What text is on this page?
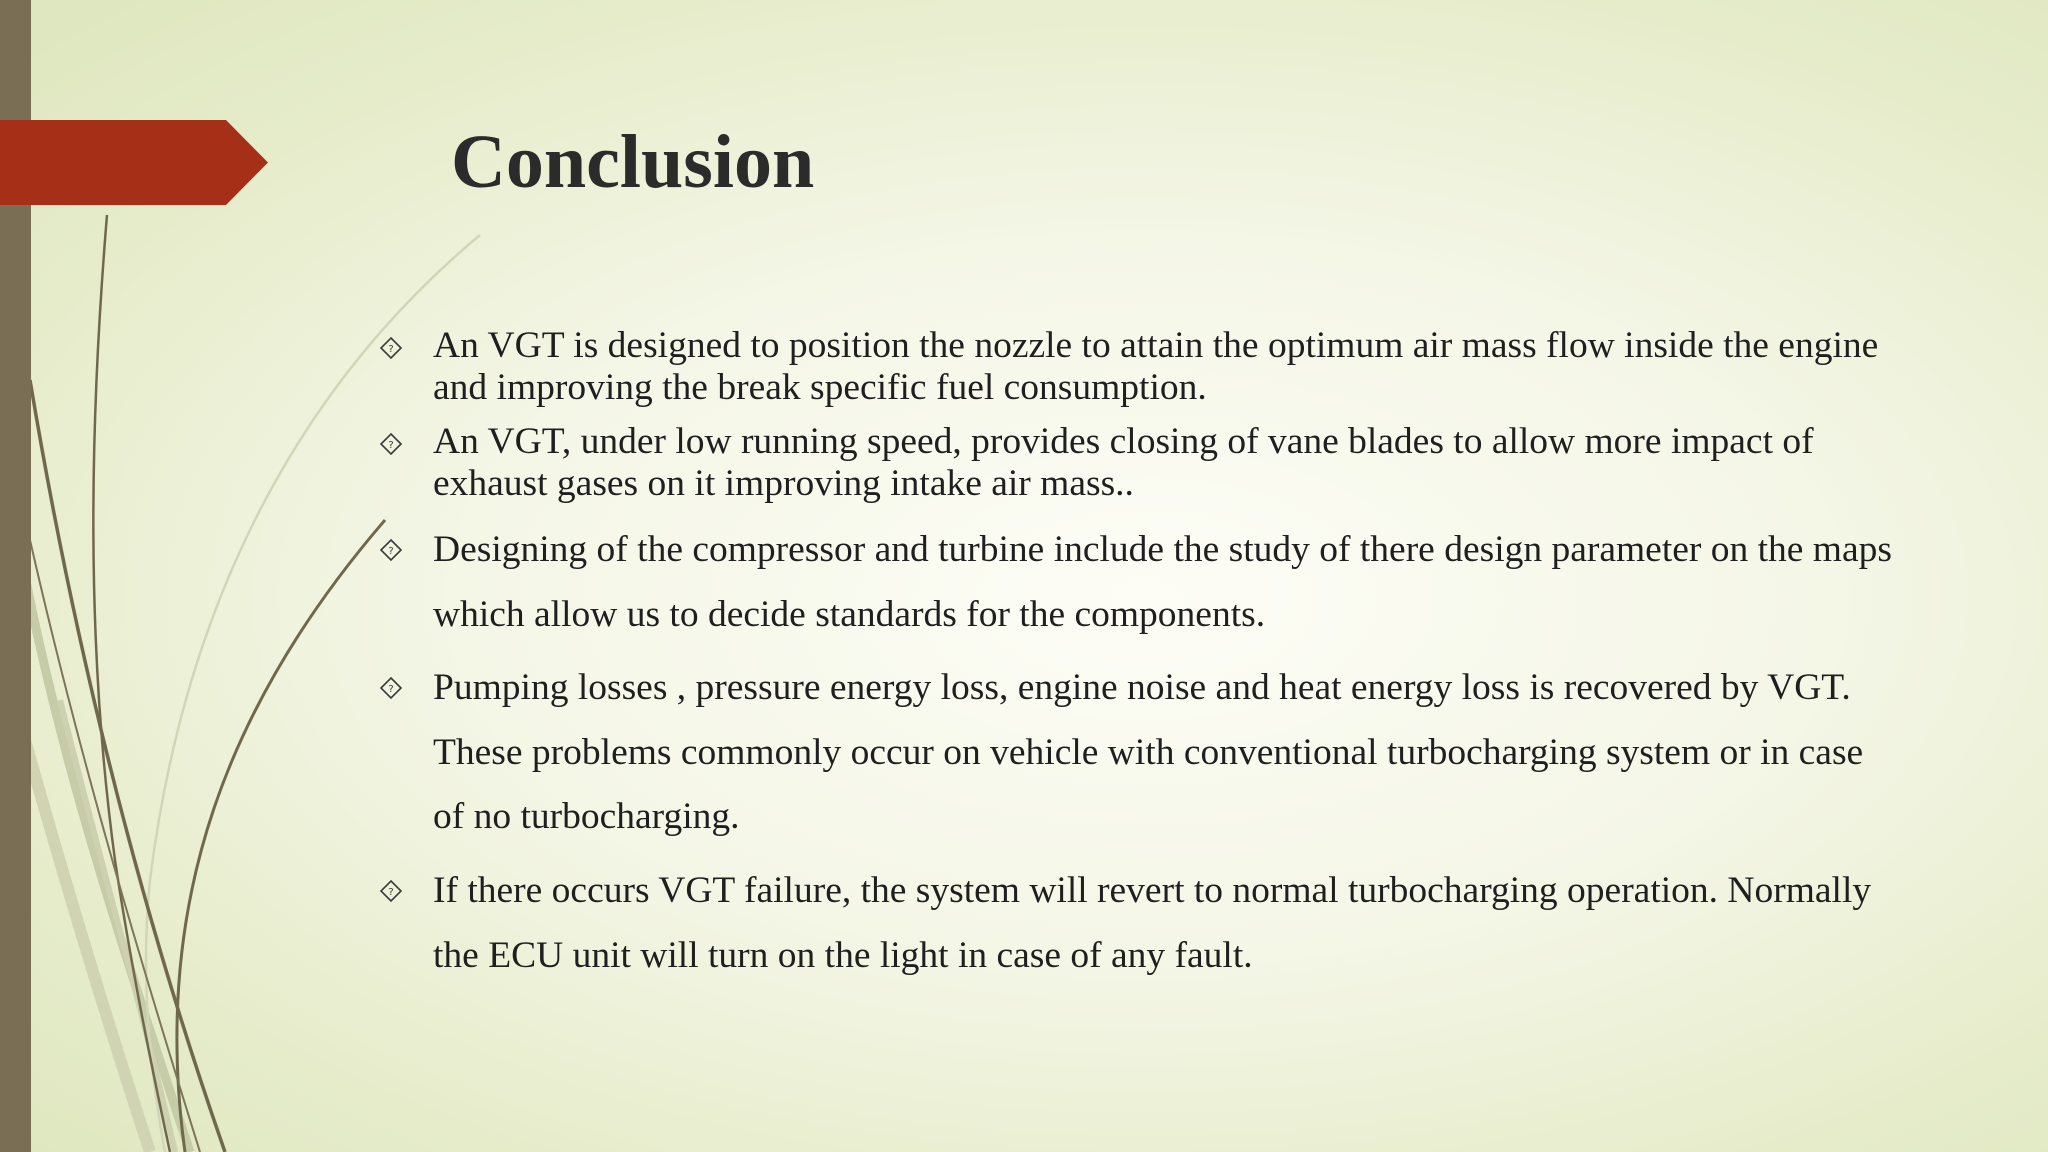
Conclusion
? An VGT is designed to position the nozzle to attain the optimum air mass flow inside the engine and improving the break specific fuel consumption.

? An VGT, under low running speed, provides closing of vane blades to allow more impact of exhaust gases on it improving intake air mass..

? Designing of the compressor and turbine include the study of there design parameter on the maps which allow us to decide standards for the components.

? Pumping losses , pressure energy loss, engine noise and heat energy loss is recovered by VGT. These problems commonly occur on vehicle with conventional turbocharging system or in case of no turbocharging.

? If there occurs VGT failure, the system will revert to normal turbocharging operation. Normally the ECU unit will turn on the light in case of any fault.
